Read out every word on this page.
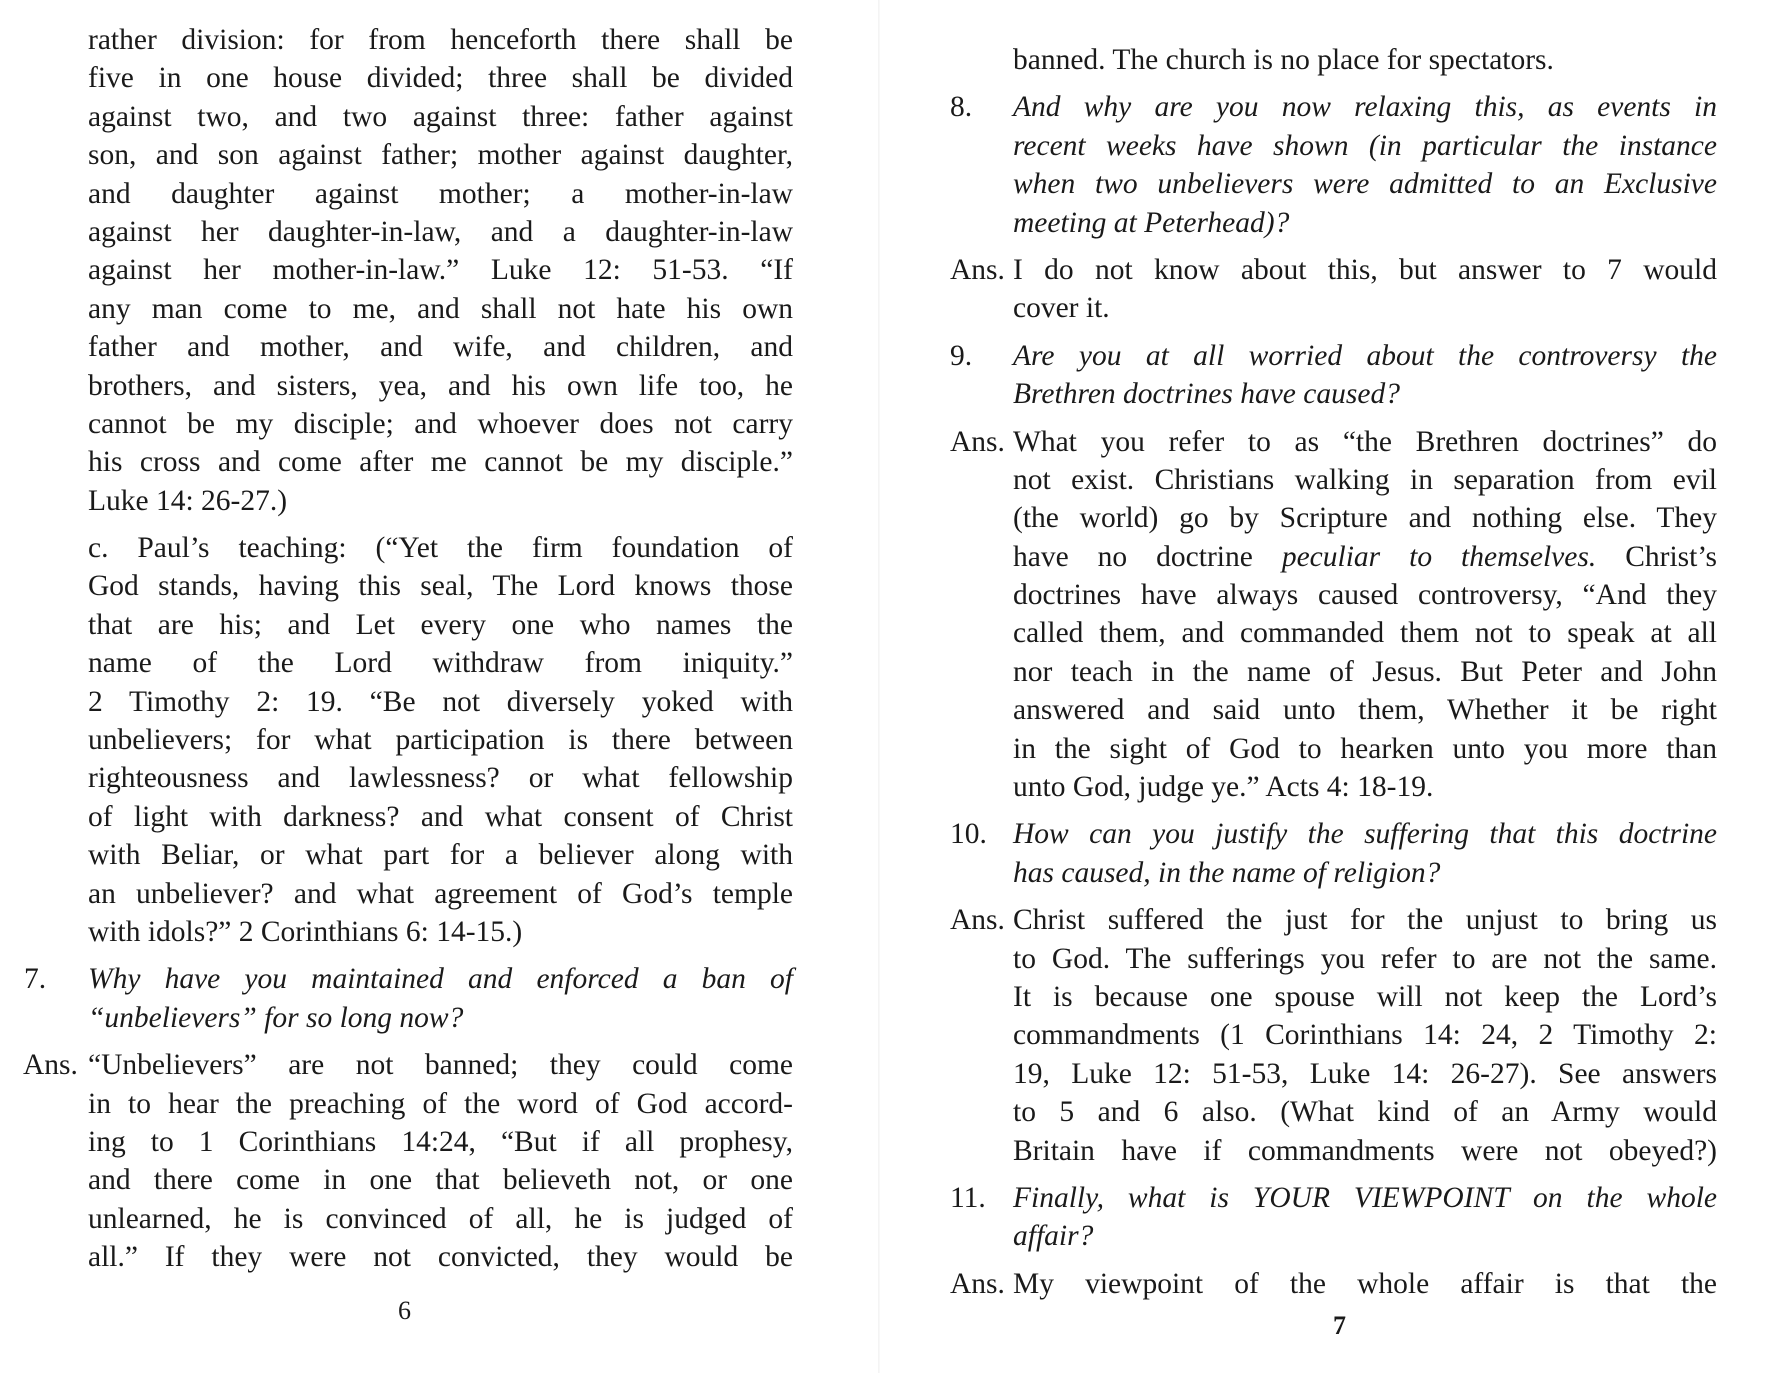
rather division: for from henceforth there shall be
five in one house divided; three shall be divided
against two, and two against three: father against
son, and son against father; mother against daughter,
and daughter against mother; a mother-in-law
against her daughter-in-law, and a daughter-in-law
against her mother-in-law.” Luke 12: 51-53. “If
any man come to me, and shall not hate his own
father and mother, and wife, and children, and
brothers, and sisters, yea, and his own life too, he
cannot be my disciple; and whoever does not carry
his cross and come after me cannot be my disciple.”
Luke 14: 26-27.)
c. Paul’s teaching: (“Yet the firm foundation of
God stands, having this seal, The Lord knows those
that are his; and Let every one who names the
name of the Lord withdraw from iniquity.”
2 Timothy 2: 19. “Be not diversely yoked with
unbelievers; for what participation is there between
righteousness and lawlessness? or what fellowship
of light with darkness? and what consent of Christ
with Beliar, or what part for a believer along with
an unbeliever? and what agreement of God’s temple
with idols?” 2 Corinthians 6: 14-15.)
7. Why have you maintained and enforced a ban of
“unbelievers” for so long now?
Ans. “Unbelievers” are not banned; they could come
in to hear the preaching of the word of God accord-
ing to 1 Corinthians 14:24, “But if all prophesy,
and there come in one that believeth not, or one
unlearned, he is convinced of all, he is judged of
all.” If they were not convicted, they would be
6
banned. The church is no place for spectators.
8. And why are you now relaxing this, as events in
recent weeks have shown (in particular the instance
when two unbelievers were admitted to an Exclusive
meeting at Peterhead)?
Ans. I do not know about this, but answer to 7 would
cover it.
9. Are you at all worried about the controversy the
Brethren doctrines have caused?
Ans. What you refer to as “the Brethren doctrines” do
not exist. Christians walking in separation from evil
(the world) go by Scripture and nothing else. They
have no doctrine peculiar to themselves. Christ’s
doctrines have always caused controversy, “And they
called them, and commanded them not to speak at all
nor teach in the name of Jesus. But Peter and John
answered and said unto them, Whether it be right
in the sight of God to hearken unto you more than
unto God, judge ye.” Acts 4: 18-19.
10. How can you justify the suffering that this doctrine
has caused, in the name of religion?
Ans. Christ suffered the just for the unjust to bring us
to God. The sufferings you refer to are not the same.
It is because one spouse will not keep the Lord’s
commandments (1 Corinthians 14: 24, 2 Timothy 2:
19, Luke 12: 51-53, Luke 14: 26-27). See answers
to 5 and 6 also. (What kind of an Army would
Britain have if commandments were not obeyed?)
11. Finally, what is YOUR VIEWPOINT on the whole
affair?
Ans. My viewpoint of the whole affair is that the
7
